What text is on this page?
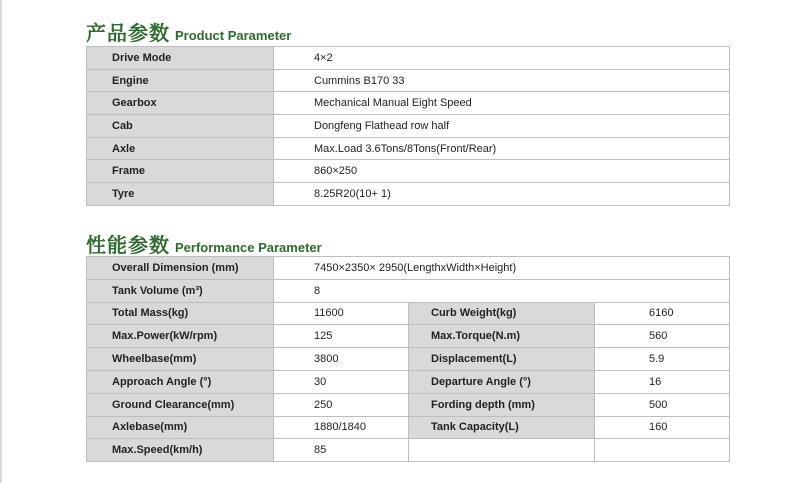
产品参数 Product Parameter
Drive Mode	4×2
Engine	Cummins B170 33
Gearbox	Mechanical Manual Eight Speed
Cab	Dongfeng Flathead row half
Axle	Max.Load 3.6Tons/8Tons(Front/Rear)
Frame	860×250
Tyre	8.25R20(10+ 1)
性能参数 Performance Parameter
Overall Dimension (mm)	7450×2350× 2950(LengthxWidth×Height)		
Tank Volume (m³)	8		
Total Mass(kg)	11600	Curb Weight(kg)	6160
Max.Power(kW/rpm)	125	Max.Torque(N.m)	560
Wheelbase(mm)	3800	Displacement(L)	5.9
Approach Angle (°)	30	Departure Angle (°)	16
Ground Clearance(mm)	250	Fording depth (mm)	500
Axlebase(mm)	1880/1840	Tank Capacity(L)	160
Max.Speed(km/h)	85		
